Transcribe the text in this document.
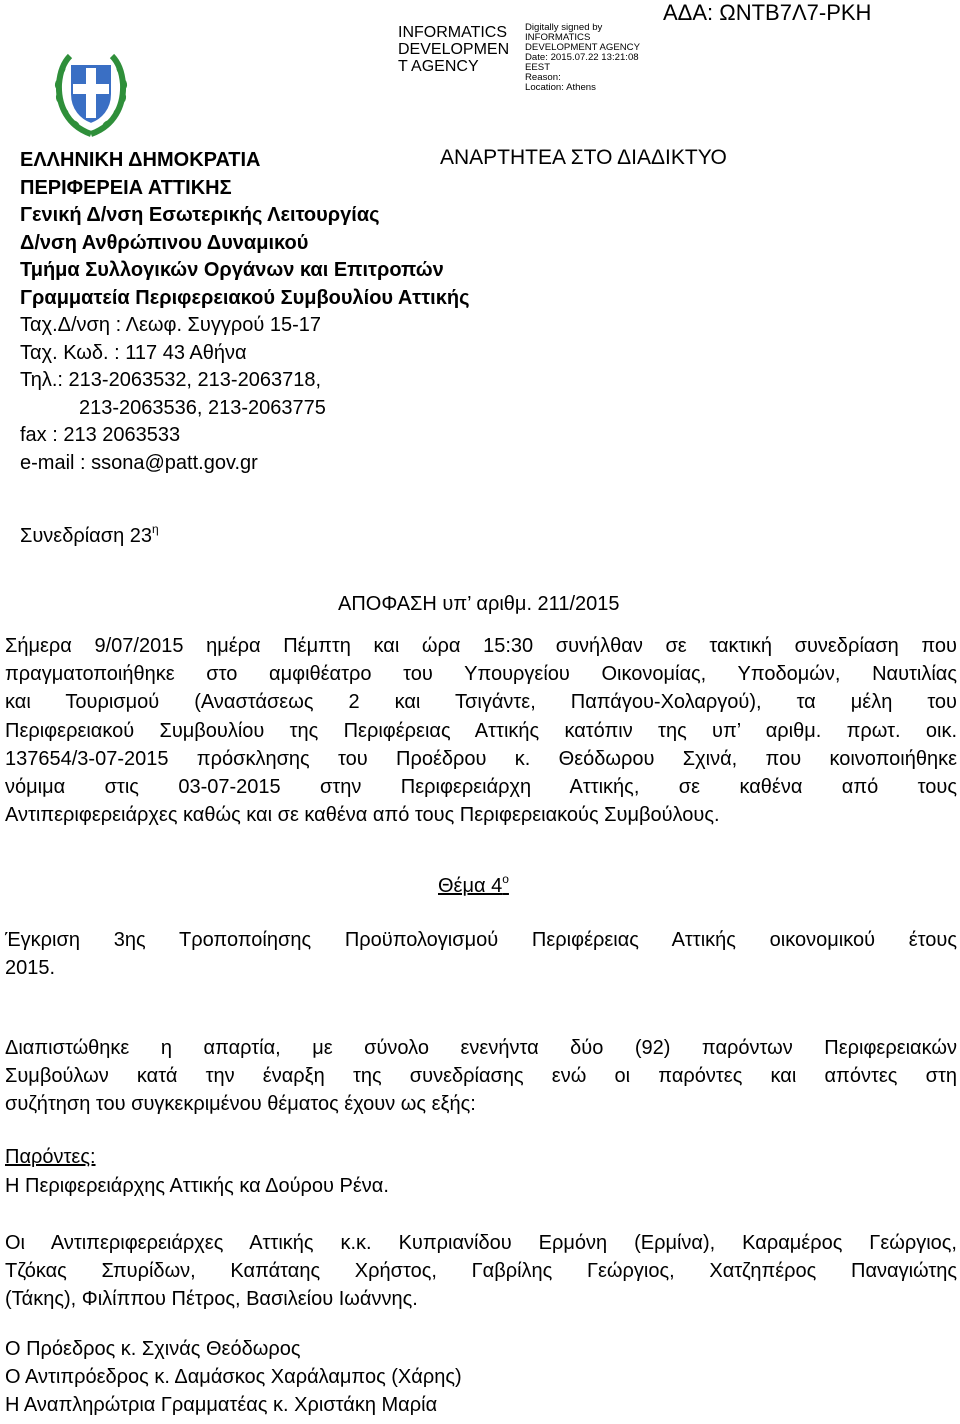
INFORMATICS DEVELOPMEN T AGENCY
Digitally signed by INFORMATICS DEVELOPMENT AGENCY
Date: 2015.07.22 13:21:08 EEST
Reason:
Location: Athens
ΑΔΑ: ΩΝΤΒ7Λ7-ΡΚΗ
ΕΛΛΗΝΙΚΗ ΔΗΜΟΚΡΑΤΙΑ
ΠΕΡΙΦΕΡΕΙΑ ΑΤΤΙΚΗΣ
Γενική Δ/νση Εσωτερικής Λειτουργίας
Δ/νση Ανθρώπινου Δυναμικού
Τμήμα Συλλογικών Οργάνων και Επιτροπών
Γραμματεία Περιφερειακού Συμβουλίου Αττικής
Ταχ.Δ/νση : Λεωφ. Συγγρού 15-17
Ταχ. Κωδ. : 117 43 Αθήνα
Τηλ.: 213-2063532, 213-2063718,
213-2063536, 213-2063775
fax : 213 2063533
e-mail : ssona@patt.gov.gr
ΑΝΑΡΤΗΤΕΑ ΣΤΟ ΔΙΑΔΙΚΤΥΟ
Συνεδρίαση $23^\eta$
ΑΠΟΦΑΣΗ υπ’ αριθμ. 211/2015
Σήμερα 9/07/2015 ημέρα Πέμπτη και ώρα 15:30 συνήλθαν σε τακτική συνεδρίαση που
πραγματοποιήθηκε στο αμφιθέατρο του Υπουργείου Οικονομίας, Υποδομών, Ναυτιλίας
και Τουρισμού (Αναστάσεως 2 και Τσιγάντε, Παπάγου-Χολαργού), τα μέλη του
Περιφερειακού Συμβουλίου της Περιφέρειας Αττικής κατόπιν της υπ’ αριθμ. πρωτ. οικ.
137654/3-07-2015 πρόσκλησης του Προέδρου κ. Θεόδωρου Σχινά, που κοινοποιήθηκε
νόμιμα στις 03-07-2015 στην Περιφερειάρχη Αττικής, σε καθένα από τους
Αντιπεριφερειάρχες καθώς και σε καθένα από τους Περιφερειακούς Συμβούλους.
Θέμα $4^o$
Έγκριση 3ης Τροποποίησης Προϋπολογισμού Περιφέρειας Αττικής οικονομικού έτους
2015.
Διαπιστώθηκε η απαρτία, με σύνολο ενενήντα δύο (92) παρόντων Περιφερειακών
Συμβούλων κατά την έναρξη της συνεδρίασης ενώ οι παρόντες και απόντες στη
συζήτηση του συγκεκριμένου θέματος έχουν ως εξής:
Παρόντες:
Η Περιφερειάρχης Αττικής κα Δούρου Ρένα.
Οι Αντιπεριφερειάρχες Αττικής κ.κ. Κυπριανίδου Ερμόνη (Ερμίνα), Καραμέρος Γεώργιος,
Τζόκας Σπυρίδων, Καπάταης Χρήστος, Γαβρίλης Γεώργιος, Χατζηπέρος Παναγιώτης
(Τάκης), Φιλίππου Πέτρος, Βασιλείου Ιωάννης.
Ο Πρόεδρος κ. Σχινάς Θεόδωρος
Ο Αντιπρόεδρος κ. Δαμάσκος Χαράλαμπος (Χάρης)
Η Αναπληρώτρια Γραμματέας κ. Χριστάκη Μαρία
